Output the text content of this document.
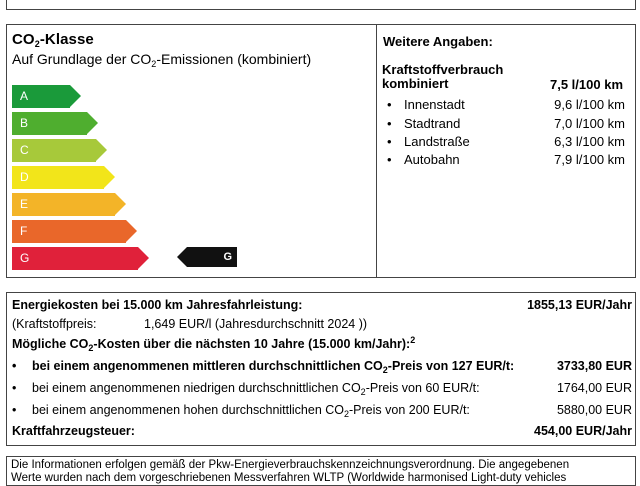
$CO_2$-Klasse
Auf Grundlage der $CO_2$-Emissionen (kombiniert)
A
B
C
D
E
F
G	G
Weitere Angaben:
Kraftstoffverbrauch kombiniert	7,5 l/100 km
• Innenstadt	9,6 l/100 km
• Stadtrand	7,0 l/100 km
• Landstraße	6,3 l/100 km
• Autobahn	7,9 l/100 km
Energiekosten bei 15.000 km Jahresfahrleistung:	1855,13 EUR/Jahr
(Kraftstoffpreis:	1,649 EUR/l (Jahresdurchschnitt 2024 ))
Mögliche $CO_2$-Kosten über die nächsten 10 Jahre (15.000 km/Jahr):$^2$
• bei einem angenommenen mittleren durchschnittlichen $CO_2$-Preis von 127 EUR/t:	3733,80 EUR
• bei einem angenommenen niedrigen durchschnittlichen $CO_2$-Preis von 60 EUR/t:	1764,00 EUR
• bei einem angenommenen hohen durchschnittlichen $CO_2$-Preis von 200 EUR/t:	5880,00 EUR
Kraftfahrzeugsteuer:	454,00 EUR/Jahr
Die Informationen erfolgen gemäß der Pkw-Energieverbrauchskennzeichnungsverordnung. Die angegebenen
Werte wurden nach dem vorgeschriebenen Messverfahren WLTP (Worldwide harmonised Light-duty vehicles
